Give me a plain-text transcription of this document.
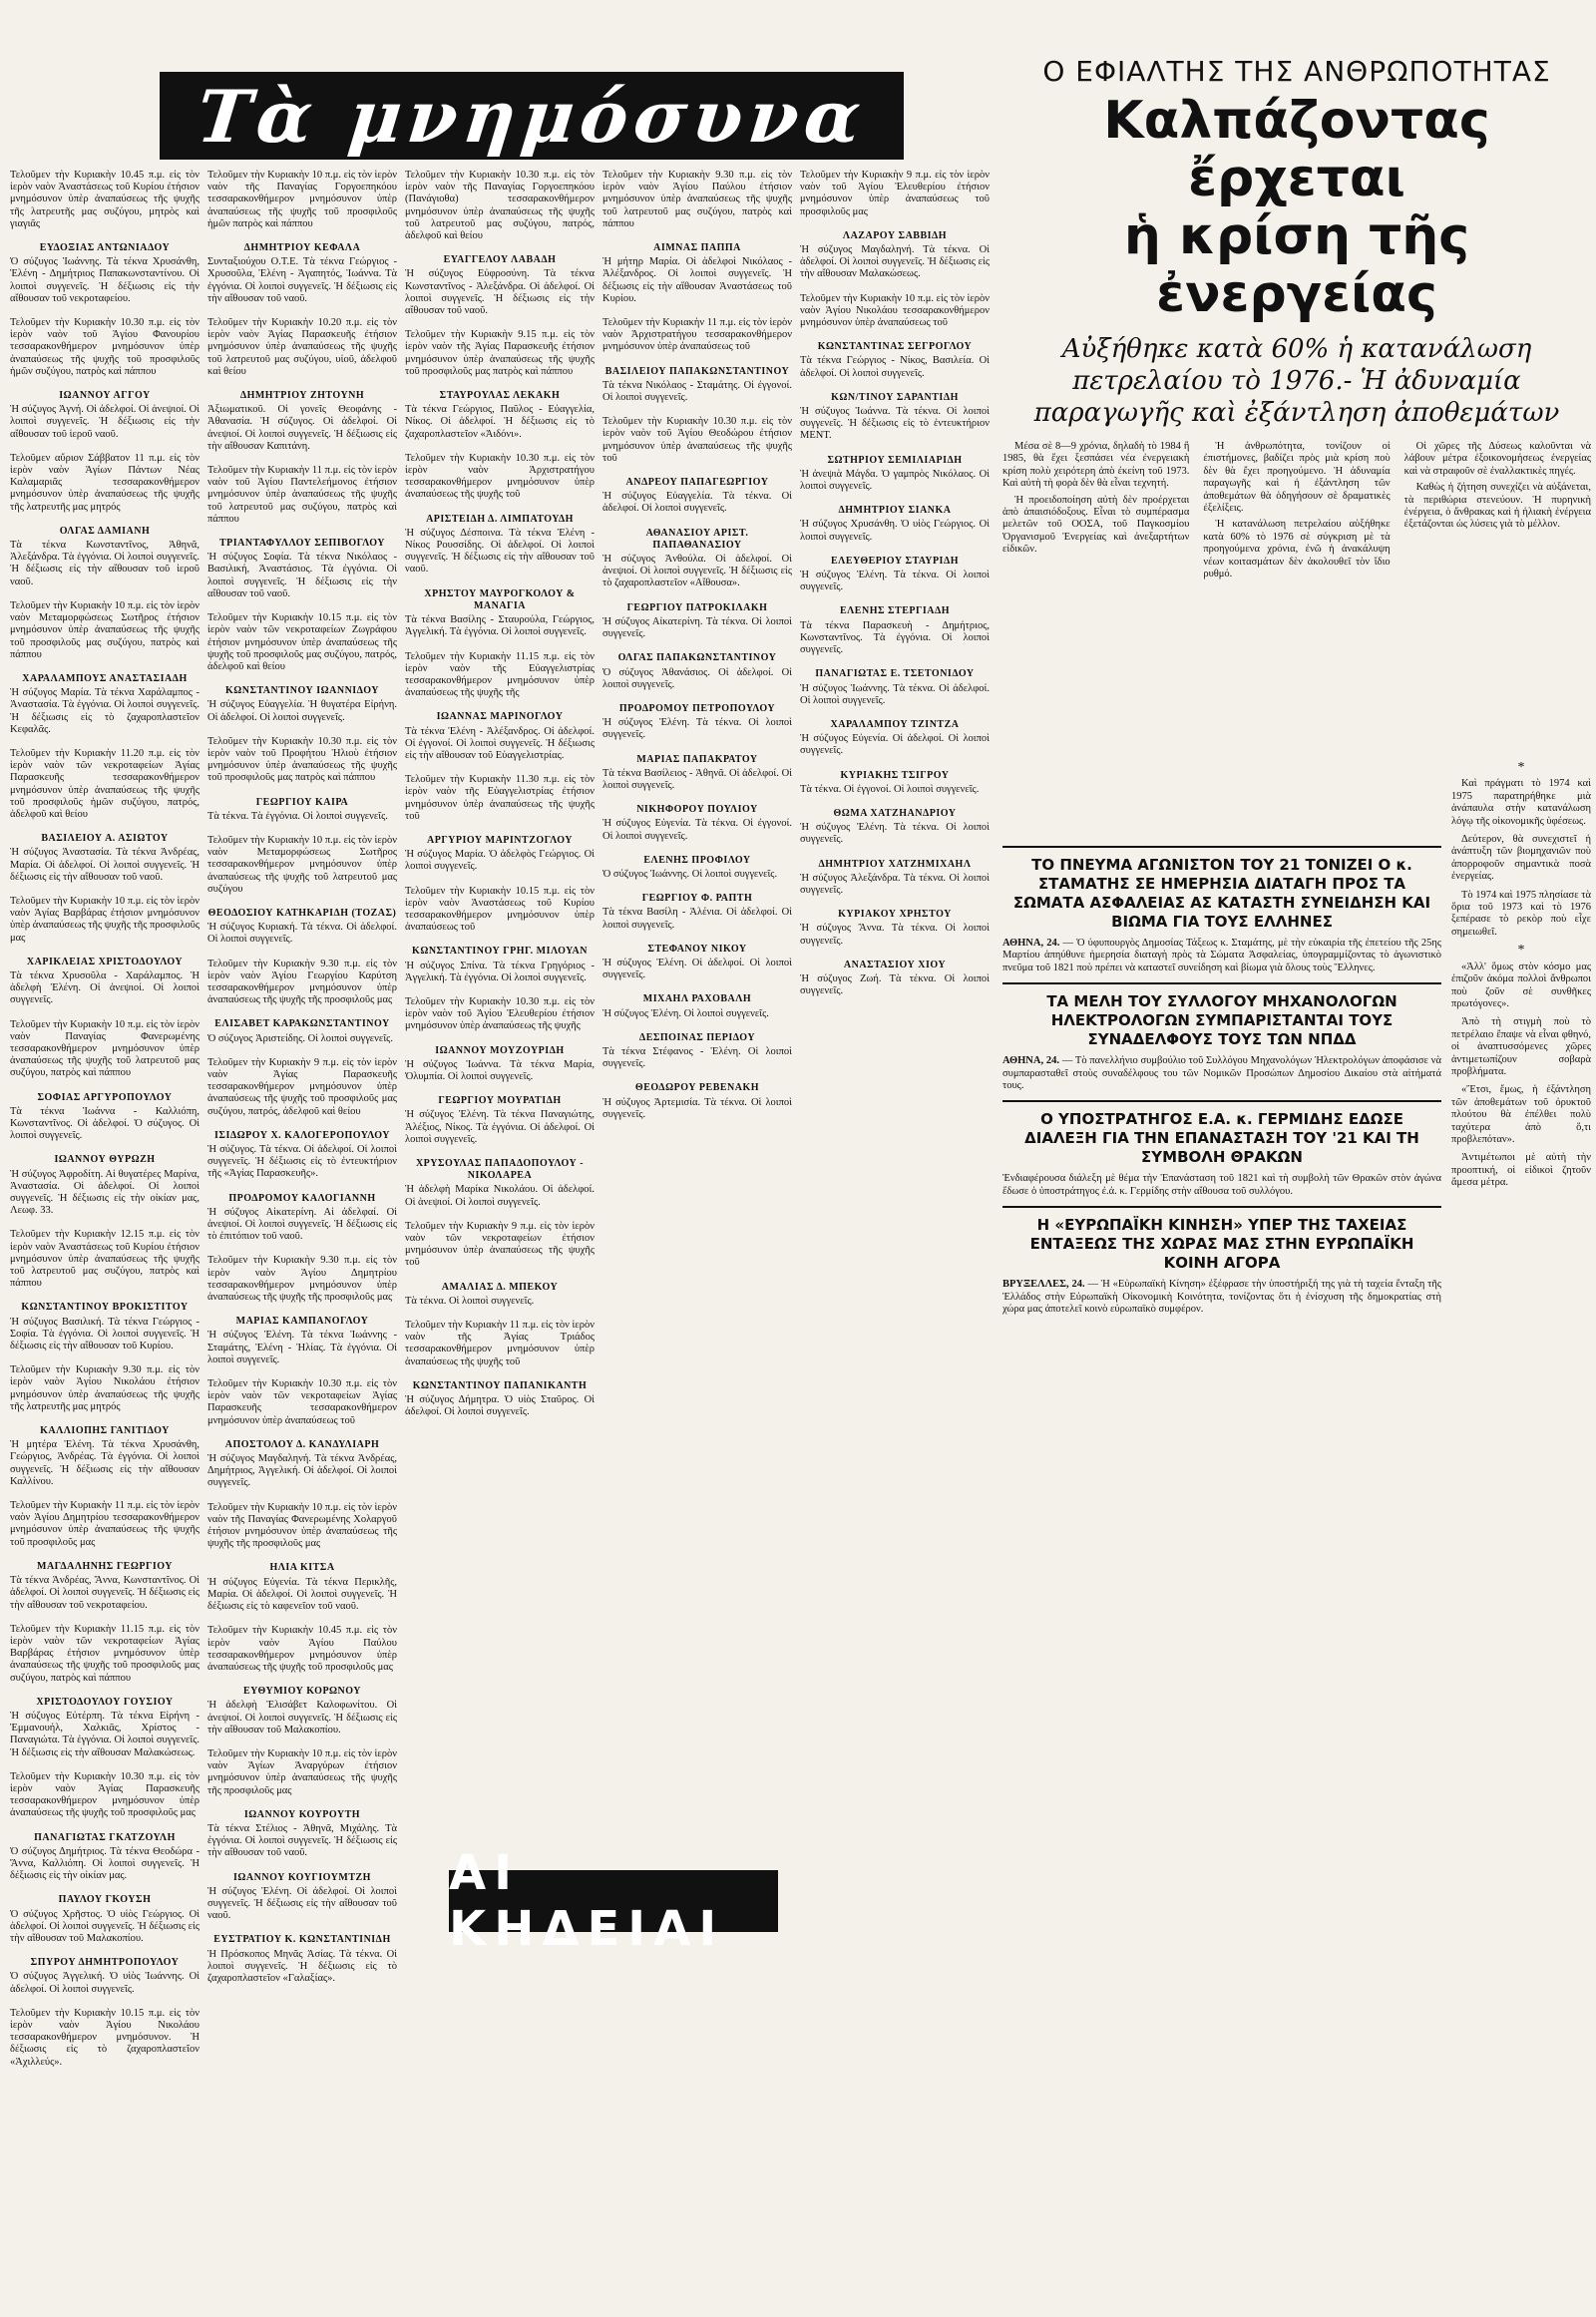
Τὰ μνημόσυνα
Τελοῦμεν τὴν Κυριακὴν 10.45 π.μ. εἰς τὸν ἱερὸν ναὸν Ἀναστάσεως τοῦ Κυρίου ἐτήσιον μνημόσυνον ὑπὲρ ἀναπαύσεως τῆς ψυχῆς τῆς λατρευτῆς μας συζύγου, μητρὸς καὶ γιαγιᾶς
ΕΥΔΟΞΙΑΣ ΑΝΤΩΝΙΑΔΟΥ
Ὁ σύζυγος Ἰωάννης. Τὰ τέκνα Χρυσάνθη, Ἑλένη - Δημήτριος Παπακωνσταντίνου. Οἱ λοιποὶ συγγενεῖς. Ἡ δέξιωσις εἰς τὴν αἴθουσαν τοῦ νεκροταφείου.
Τελοῦμεν τὴν Κυριακὴν 10.30 π.μ. εἰς τὸν ἱερὸν ναὸν τοῦ Ἁγίου Φανουρίου τεσσαρακονθήμερον μνημόσυνον ὑπὲρ ἀναπαύσεως τῆς ψυχῆς τοῦ προσφιλοῦς ἡμῶν συζύγου, πατρὸς καὶ πάππου
ΙΩΑΝΝΟΥ ΑΓΓΟΥ
Ἡ σύζυγος Ἀγνή. Οἱ ἀδελφοί. Οἱ ἀνεψιοί. Οἱ λοιποὶ συγγενεῖς. Ἡ δέξιωσις εἰς τὴν αἴθουσαν τοῦ ἱεροῦ ναοῦ.
Τελοῦμεν αὔριον Σάββατον 11 π.μ. εἰς τὸν ἱερὸν ναὸν Ἁγίων Πάντων Νέας Καλαμαριᾶς τεσσαρακονθήμερον μνημόσυνον ὑπὲρ ἀναπαύσεως τῆς ψυχῆς τῆς λατρευτῆς μας μητρός
ΟΛΓΑΣ ΔΑΜΙΑΝΗ
Τὰ τέκνα Κωνσταντῖνος, Ἀθηνᾶ, Ἀλεξάνδρα. Τὰ ἐγγόνια. Οἱ λοιποὶ συγγενεῖς. Ἡ δέξιωσις εἰς τὴν αἴθουσαν τοῦ ἱεροῦ ναοῦ.
Τελοῦμεν τὴν Κυριακὴν 10 π.μ. εἰς τὸν ἱερὸν ναὸν Μεταμορφώσεως Σωτῆρος ἐτήσιον μνημόσυνον ὑπὲρ ἀναπαύσεως τῆς ψυχῆς τοῦ προσφιλοῦς μας συζύγου, πατρὸς καὶ πάππου
ΧΑΡΑΛΑΜΠΟΥΣ ΑΝΑΣΤΑΣΙΑΔΗ
Ἡ σύζυγος Μαρία. Τὰ τέκνα Χαράλαμπος - Ἀναστασία. Τὰ ἐγγόνια. Οἱ λοιποὶ συγγενεῖς. Ἡ δέξιωσις εἰς τὸ ζαχαροπλαστεῖον Κεφαλᾶς.
Τελοῦμεν τὴν Κυριακὴν 11.20 π.μ. εἰς τὸν ἱερὸν ναὸν τῶν νεκροταφείων Ἁγίας Παρασκευῆς τεσσαρακονθήμερον μνημόσυνον ὑπὲρ ἀναπαύσεως τῆς ψυχῆς τοῦ προσφιλοῦς ἡμῶν συζύγου, πατρός, ἀδελφοῦ καὶ θείου
ΒΑΣΙΛΕΙΟΥ Α. ΑΣΙΩΤΟΥ
Ἡ σύζυγος Ἀναστασία. Τὰ τέκνα Ἀνδρέας, Μαρία. Οἱ ἀδελφοί. Οἱ λοιποὶ συγγενεῖς. Ἡ δέξιωσις εἰς τὴν αἴθουσαν τοῦ ναοῦ.
Τελοῦμεν τὴν Κυριακὴν 10 π.μ. εἰς τὸν ἱερὸν ναὸν Ἁγίας Βαρβάρας ἐτήσιον μνημόσυνον ὑπὲρ ἀναπαύσεως τῆς ψυχῆς τῆς προσφιλοῦς μας
ΧΑΡΙΚΛΕΙΑΣ ΧΡΙΣΤΟΔΟΥΛΟΥ
Τὰ τέκνα Χρυσοῦλα - Χαράλαμπος. Ἡ ἀδελφὴ Ἐλένη. Οἱ ἀνεψιοί. Οἱ λοιποὶ συγγενεῖς.
Τελοῦμεν τὴν Κυριακὴν 10 π.μ. εἰς τὸν ἱερὸν ναὸν Παναγίας Φανερωμένης τεσσαρακονθήμερον μνημόσυνον ὑπὲρ ἀναπαύσεως τῆς ψυχῆς τοῦ λατρευτοῦ μας συζύγου, πατρὸς καὶ πάππου
ΣΟΦΙΑΣ ΑΡΓΥΡΟΠΟΥΛΟΥ
Τὰ τέκνα Ἰωάννα - Καλλιόπη, Κωνσταντῖνος. Οἱ ἀδελφοί. Ὁ σύζυγος. Οἱ λοιποὶ συγγενεῖς.
ΙΩΑΝΝΟΥ ΘΥΡΩΖΗ
Ἡ σύζυγος Ἀφροδίτη. Αἱ θυγατέρες Μαρίνα, Ἀναστασία. Οἱ ἀδελφοί. Οἱ λοιποὶ συγγενεῖς. Ἡ δέξιωσις εἰς τὴν οἰκίαν μας, Λεωφ. 33.
Τελοῦμεν τὴν Κυριακὴν 12.15 π.μ. εἰς τὸν ἱερὸν ναὸν Ἀναστάσεως τοῦ Κυρίου ἐτήσιον μνημόσυνον ὑπὲρ ἀναπαύσεως τῆς ψυχῆς τοῦ λατρευτοῦ μας συζύγου, πατρὸς καὶ πάππου
ΚΩΝΣΤΑΝΤΙΝΟΥ ΒΡΟΚΙΣΤΙΤΟΥ
Ἡ σύζυγος Βασιλική. Τὰ τέκνα Γεώργιος - Σοφία. Τὰ ἐγγόνια. Οἱ λοιποὶ συγγενεῖς. Ἡ δέξιωσις εἰς τὴν αἴθουσαν τοῦ Κυρίου.
Τελοῦμεν τὴν Κυριακὴν 9.30 π.μ. εἰς τὸν ἱερὸν ναὸν Ἁγίου Νικολάου ἐτήσιον μνημόσυνον ὑπὲρ ἀναπαύσεως τῆς ψυχῆς τῆς λατρευτῆς μας μητρός
ΚΑΛΛΙΟΠΗΣ ΓΑΝΙΤΙΔΟΥ
Ἡ μητέρα Ἐλένη. Τὰ τέκνα Χρυσάνθη, Γεώργιος, Ἀνδρέας. Τὰ ἐγγόνια. Οἱ λοιποὶ συγγενεῖς. Ἡ δέξιωσις εἰς τὴν αἴθουσαν Καλλίνου.
Τελοῦμεν τὴν Κυριακὴν 11 π.μ. εἰς τὸν ἱερὸν ναὸν Ἁγίου Δημητρίου τεσσαρακονθήμερον μνημόσυνον ὑπὲρ ἀναπαύσεως τῆς ψυχῆς τοῦ προσφιλοῦς μας
ΜΑΓΔΑΛΗΝΗΣ ΓΕΩΡΓΙΟΥ
Τὰ τέκνα Ἀνδρέας, Ἄννα, Κωνσταντῖνος. Οἱ ἀδελφοί. Οἱ λοιποὶ συγγενεῖς. Ἡ δέξιωσις εἰς τὴν αἴθουσαν τοῦ νεκροταφείου.
Τελοῦμεν τὴν Κυριακὴν 11.15 π.μ. εἰς τὸν ἱερὸν ναὸν τῶν νεκροταφείων Ἀγίας Βαρβάρας ἐτήσιον μνημόσυνον ὑπὲρ ἀναπαύσεως τῆς ψυχῆς τοῦ προσφιλοῦς μας συζύγου, πατρὸς καὶ πάππου
ΧΡΙΣΤΟΔΟΥΛΟΥ ΓΟΥΣΙΟΥ
Ἡ σύζυγος Εὐτέρπη. Τὰ τέκνα Εἰρήνη - Ἐμμανουήλ, Χαλκιᾶς, Χρίστος - Παναγιώτα. Τὰ ἐγγόνια. Οἱ λοιποὶ συγγενεῖς. Ἡ δέξιωσις εἰς τὴν αἴθουσαν Μαλακώσεως.
Τελοῦμεν τὴν Κυριακὴν 10.30 π.μ. εἰς τὸν ἱερὸν ναὸν Ἁγίας Παρασκευῆς τεσσαρακονθήμερον μνημόσυνον ὑπὲρ ἀναπαύσεως τῆς ψυχῆς τοῦ προσφιλοῦς μας
ΠΑΝΑΓΙΩΤΑΣ ΓΚΑΤΖΟΥΛΗ
Ὁ σύζυγος Δημήτριος. Τὰ τέκνα Θεοδώρα - Ἄννα, Καλλιόπη. Οἱ λοιποὶ συγγενεῖς. Ἡ δέξιωσις εἰς τὴν οἰκίαν μας.
ΠΑΥΛΟΥ ΓΚΟΥΣΗ
Ὁ σύζυγος Χρῆστος. Ὁ υἱὸς Γεώργιος. Οἱ ἀδελφοί. Οἱ λοιποὶ συγγενεῖς. Ἡ δέξιωσις εἰς τὴν αἴθουσαν τοῦ Μαλακοπίου.
ΣΠΥΡΟΥ ΔΗΜΗΤΡΟΠΟΥΛΟΥ
Ὁ σύζυγος Ἀγγελική. Ὁ υἱὸς Ἰωάννης. Οἱ ἀδελφοί. Οἱ λοιποὶ συγγενεῖς.
Τελοῦμεν τὴν Κυριακὴν 10.15 π.μ. εἰς τὸν ἱερὸν ναὸν Ἁγίου Νικολάου τεσσαρακονθήμερον μνημόσυνον. Ἡ δέξιωσις εἰς τὸ ζαχαροπλαστεῖον «Ἀχιλλεύς».
Τελοῦμεν τὴν Κυριακὴν 10 π.μ. εἰς τὸν ἱερὸν ναὸν τῆς Παναγίας Γοργοεπηκόου τεσσαρακονθήμερον μνημόσυνον ὑπὲρ ἀναπαύσεως τῆς ψυχῆς τοῦ προσφιλοῦς ἡμῶν πατρὸς καὶ πάππου
ΔΗΜΗΤΡΙΟΥ ΚΕΦΑΛΑ
Συνταξιούχου Ο.Τ.Ε. Τὰ τέκνα Γεώργιος - Χρυσοῦλα, Ἑλένη - Ἀγαπητός, Ἰωάννα. Τὰ ἐγγόνια. Οἱ λοιποὶ συγγενεῖς. Ἡ δέξιωσις εἰς τὴν αἴθουσαν τοῦ ναοῦ.
Τελοῦμεν τὴν Κυριακὴν 10.20 π.μ. εἰς τὸν ἱερὸν ναὸν Ἁγίας Παρασκευῆς ἐτήσιον μνημόσυνον ὑπὲρ ἀναπαύσεως τῆς ψυχῆς τοῦ λατρευτοῦ μας συζύγου, υἱοῦ, ἀδελφοῦ καὶ θείου
ΔΗΜΗΤΡΙΟΥ ΖΗΤΟΥΝΗ
Ἀξιωματικοῦ. Οἱ γονεῖς Θεοφάνης - Ἀθανασία. Ἡ σύζυγος. Οἱ ἀδελφοί. Οἱ ἀνεψιοί. Οἱ λοιποὶ συγγενεῖς. Ἡ δέξιωσις εἰς τὴν αἴθουσαν Καπιτάνη.
Τελοῦμεν τὴν Κυριακὴν 11 π.μ. εἰς τὸν ἱερὸν ναὸν τοῦ Ἁγίου Παντελεήμονος ἐτήσιον μνημόσυνον ὑπὲρ ἀναπαύσεως τῆς ψυχῆς τοῦ λατρευτοῦ μας συζύγου, πατρὸς καὶ πάππου
ΤΡΙΑΝΤΑΦΥΛΛΟΥ ΣΕΠΙΒΟΓΛΟΥ
Ἡ σύζυγος Σοφία. Τὰ τέκνα Νικόλαος - Βασιλική, Ἀναστάσιος. Τὰ ἐγγόνια. Οἱ λοιποὶ συγγενεῖς. Ἡ δέξιωσις εἰς τὴν αἴθουσαν τοῦ ναοῦ.
Τελοῦμεν τὴν Κυριακὴν 10.15 π.μ. εἰς τὸν ἱερὸν ναὸν τῶν νεκροταφείων Ζωγράφου ἐτήσιον μνημόσυνον ὑπὲρ ἀναπαύσεως τῆς ψυχῆς τοῦ προσφιλοῦς μας συζύγου, πατρός, ἀδελφοῦ καὶ θείου
ΚΩΝΣΤΑΝΤΙΝΟΥ ΙΩΑΝΝΙΔΟΥ
Ἡ σύζυγος Εὐαγγελία. Ἡ θυγατέρα Εἰρήνη. Οἱ ἀδελφοί. Οἱ λοιποὶ συγγενεῖς.
Τελοῦμεν τὴν Κυριακὴν 10.30 π.μ. εἰς τὸν ἱερὸν ναὸν τοῦ Προφήτου Ἠλιοὺ ἐτήσιον μνημόσυνον ὑπὲρ ἀναπαύσεως τῆς ψυχῆς τοῦ προσφιλοῦς μας πατρὸς καὶ πάππου
ΓΕΩΡΓΙΟΥ ΚΑΙΡΑ
Τὰ τέκνα. Τὰ ἐγγόνια. Οἱ λοιποὶ συγγενεῖς.
Τελοῦμεν τὴν Κυριακὴν 10 π.μ. εἰς τὸν ἱερὸν ναὸν Μεταμορφώσεως Σωτῆρος τεσσαρακονθήμερον μνημόσυνον ὑπὲρ ἀναπαύσεως τῆς ψυχῆς τοῦ λατρευτοῦ μας συζύγου
ΘΕΟΔΟΣΙΟΥ ΚΑΤΗΚΑΡΙΔΗ (ΤΟΖΑΣ)
Ἡ σύζυγος Κυριακή. Τὰ τέκνα. Οἱ ἀδελφοί. Οἱ λοιποὶ συγγενεῖς.
Τελοῦμεν τὴν Κυριακὴν 9.30 π.μ. εἰς τὸν ἱερὸν ναὸν Ἁγίου Γεωργίου Καρύτση τεσσαρακονθήμερον μνημόσυνον ὑπὲρ ἀναπαύσεως τῆς ψυχῆς τῆς προσφιλοῦς μας
ΕΛΙΣΑΒΕΤ ΚΑΡΑΚΩΝΣΤΑΝΤΙΝΟΥ
Ὁ σύζυγος Ἀριστείδης. Οἱ λοιποὶ συγγενεῖς.
Τελοῦμεν τὴν Κυριακὴν 9 π.μ. εἰς τὸν ἱερὸν ναὸν Ἁγίας Παρασκευῆς τεσσαρακονθήμερον μνημόσυνον ὑπὲρ ἀναπαύσεως τῆς ψυχῆς τοῦ προσφιλοῦς μας συζύγου, πατρός, ἀδελφοῦ καὶ θείου
ΙΣΙΔΩΡΟΥ Χ. ΚΑΛΟΓΕΡΟΠΟΥΛΟΥ
Ἡ σύζυγος. Τὰ τέκνα. Οἱ ἀδελφοί. Οἱ λοιποὶ συγγενεῖς. Ἡ δέξιωσις εἰς τὸ ἐντευκτήριον τῆς «Ἀγίας Παρασκευῆς».
ΠΡΟΔΡΟΜΟΥ ΚΑΛΟΓΙΑΝΝΗ
Ἡ σύζυγος Αἰκατερίνη. Αἱ ἀδελφαί. Οἱ ἀνεψιοί. Οἱ λοιποὶ συγγενεῖς. Ἡ δέξιωσις εἰς τὸ ἐπιτόπιον τοῦ ναοῦ.
Τελοῦμεν τὴν Κυριακὴν 9.30 π.μ. εἰς τὸν ἱερὸν ναὸν Ἁγίου Δημητρίου τεσσαρακονθήμερον μνημόσυνον ὑπὲρ ἀναπαύσεως τῆς ψυχῆς τῆς προσφιλοῦς μας
ΜΑΡΙΑΣ ΚΑΜΠΑΝΟΓΛΟΥ
Ἡ σύζυγος Ἐλένη. Τὰ τέκνα Ἰωάννης - Σταμάτης, Ἑλένη - Ἠλίας. Τὰ ἐγγόνια. Οἱ λοιποὶ συγγενεῖς.
Τελοῦμεν τὴν Κυριακὴν 10.30 π.μ. εἰς τὸν ἱερὸν ναὸν τῶν νεκροταφείων Ἁγίας Παρασκευῆς τεσσαρακονθήμερον μνημόσυνον ὑπὲρ ἀναπαύσεως τοῦ
ΑΠΟΣΤΟΛΟΥ Δ. ΚΑΝΔΥΛΙΑΡΗ
Ἡ σύζυγος Μαγδαληνή. Τὰ τέκνα Ἀνδρέας, Δημήτριος, Ἀγγελική. Οἱ ἀδελφοί. Οἱ λοιποὶ συγγενεῖς.
Τελοῦμεν τὴν Κυριακὴν 10 π.μ. εἰς τὸν ἱερὸν ναὸν τῆς Παναγίας Φανερωμένης Χολαργοῦ ἐτήσιον μνημόσυνον ὑπὲρ ἀναπαύσεως τῆς ψυχῆς τῆς προσφιλοῦς μας
ΗΛΙΑ ΚΙΤΣΑ
Ἡ σύζυγος Εὐγενία. Τὰ τέκνα Περικλῆς, Μαρία. Οἱ ἀδελφοί. Οἱ λοιποὶ συγγενεῖς. Ἡ δέξιωσις εἰς τὸ καφενεῖον τοῦ ναοῦ.
Τελοῦμεν τὴν Κυριακὴν 10.45 π.μ. εἰς τὸν ἱερὸν ναὸν Ἁγίου Παύλου τεσσαρακονθήμερον μνημόσυνον ὑπὲρ ἀναπαύσεως τῆς ψυχῆς τοῦ προσφιλοῦς μας
ΕΥΘΥΜΙΟΥ ΚΟΡΩΝΟΥ
Ἡ ἀδελφὴ Ἐλισάβετ Καλοφωνίτου. Οἱ ἀνεψιοί. Οἱ λοιποὶ συγγενεῖς. Ἡ δέξιωσις εἰς τὴν αἴθουσαν τοῦ Μαλακοπίου.
Τελοῦμεν τὴν Κυριακὴν 10 π.μ. εἰς τὸν ἱερὸν ναὸν Ἁγίων Ἀναργύρων ἐτήσιον μνημόσυνον ὑπὲρ ἀναπαύσεως τῆς ψυχῆς τῆς προσφιλοῦς μας
ΙΩΑΝΝΟΥ ΚΟΥΡΟΥΤΗ
Τὰ τέκνα Στέλιος - Ἀθηνᾶ, Μιχάλης. Τὰ ἐγγόνια. Οἱ λοιποὶ συγγενεῖς. Ἡ δέξιωσις εἰς τὴν αἴθουσαν τοῦ ναοῦ.
ΙΩΑΝΝΟΥ ΚΟΥΓΙΟΥΜΤΖΗ
Ἡ σύζυγος Ἑλένη. Οἱ ἀδελφοί. Οἱ λοιποὶ συγγενεῖς. Ἡ δέξιωσις εἰς τὴν αἴθουσαν τοῦ ναοῦ.
ΕΥΣΤΡΑΤΙΟΥ Κ. ΚΩΝΣΤΑΝΤΙΝΙΔΗ
Ἡ Πρόσκοπος Μηνᾶς Ἀσίας. Τὰ τέκνα. Οἱ λοιποὶ συγγενεῖς. Ἡ δέξιωσις εἰς τὸ ζαχαροπλαστεῖον «Γαλαξίας».
Τελοῦμεν τὴν Κυριακὴν 10.30 π.μ. εἰς τὸν ἱερὸν ναὸν τῆς Παναγίας Γοργοεπηκόου (Πανάγιοθα) τεσσαρακονθήμερον μνημόσυνον ὑπὲρ ἀναπαύσεως τῆς ψυχῆς τοῦ λατρευτοῦ μας συζύγου, πατρός, ἀδελφοῦ καὶ θείου
ΕΥΑΓΓΕΛΟΥ ΛΑΒΑΔΗ
Ἡ σύζυγος Εὐφροσύνη. Τὰ τέκνα Κωνσταντῖνος - Ἀλεξάνδρα. Οἱ ἀδελφοί. Οἱ λοιποὶ συγγενεῖς. Ἡ δέξιωσις εἰς τὴν αἴθουσαν τοῦ ναοῦ.
Τελοῦμεν τὴν Κυριακὴν 9.15 π.μ. εἰς τὸν ἱερὸν ναὸν τῆς Ἁγίας Παρασκευῆς ἐτήσιον μνημόσυνον ὑπὲρ ἀναπαύσεως τῆς ψυχῆς τοῦ προσφιλοῦς μας πατρὸς καὶ πάππου
ΣΤΑΥΡΟΥΛΑΣ ΛΕΚΑΚΗ
Τὰ τέκνα Γεώργιος, Παῦλος - Εὐαγγελία, Νίκος. Οἱ ἀδελφοί. Ἡ δέξιωσις εἰς τὸ ζαχαροπλαστεῖον «Ἀιδόνι».
Τελοῦμεν τὴν Κυριακὴν 10.30 π.μ. εἰς τὸν ἱερὸν ναὸν Ἀρχιστρατήγου τεσσαρακονθήμερον μνημόσυνον ὑπὲρ ἀναπαύσεως τῆς ψυχῆς τοῦ
ΑΡΙΣΤΕΙΔΗ Δ. ΛΙΜΠΑΤΟΥΔΗ
Ἡ σύζυγος Δέσποινα. Τὰ τέκνα Ἐλένη - Νίκος Ρουσσίδης. Οἱ ἀδελφοί. Οἱ λοιποὶ συγγενεῖς. Ἡ δέξιωσις εἰς τὴν αἴθουσαν τοῦ ναοῦ.
ΧΡΗΣΤΟΥ ΜΑΥΡΟΓΚΟΛΟΥ & ΜΑΝΑΓΙΑ
Τὰ τέκνα Βασίλης - Σταυρούλα, Γεώργιος, Ἀγγελική. Τὰ ἐγγόνια. Οἱ λοιποὶ συγγενεῖς.
Τελοῦμεν τὴν Κυριακὴν 11.15 π.μ. εἰς τὸν ἱερὸν ναὸν τῆς Εὐαγγελιστρίας τεσσαρακονθήμερον μνημόσυνον ὑπὲρ ἀναπαύσεως τῆς ψυχῆς τῆς
ΙΩΑΝΝΑΣ ΜΑΡΙΝΟΓΛΟΥ
Τὰ τέκνα Ἑλένη - Ἀλέξανδρος. Οἱ ἀδελφοί. Οἱ ἐγγονοί. Οἱ λοιποὶ συγγενεῖς. Ἡ δέξιωσις εἰς τὴν αἴθουσαν τοῦ Εὐαγγελιστρίας.
Τελοῦμεν τὴν Κυριακὴν 11.30 π.μ. εἰς τὸν ἱερὸν ναὸν τῆς Εὐαγγελιστρίας ἐτήσιον μνημόσυνον ὑπὲρ ἀναπαύσεως τῆς ψυχῆς τοῦ
ΑΡΓΥΡΙΟΥ ΜΑΡΙΝΤΖΟΓΛΟΥ
Ἡ σύζυγος Μαρία. Ὁ ἀδελφὸς Γεώργιος. Οἱ λοιποὶ συγγενεῖς.
Τελοῦμεν τὴν Κυριακὴν 10.15 π.μ. εἰς τὸν ἱερὸν ναὸν Ἀναστάσεως τοῦ Κυρίου τεσσαρακονθήμερον μνημόσυνον ὑπὲρ ἀναπαύσεως τοῦ
ΚΩΝΣΤΑΝΤΙΝΟΥ ΓΡΗΓ. ΜΙΛΟΥΑΝ
Ἡ σύζυγος Σπίνα. Τὰ τέκνα Γρηγόριος - Ἀγγελική. Τὰ ἐγγόνια. Οἱ λοιποὶ συγγενεῖς.
Τελοῦμεν τὴν Κυριακὴν 10.30 π.μ. εἰς τὸν ἱερὸν ναὸν τοῦ Ἁγίου Ἐλευθερίου ἐτήσιον μνημόσυνον ὑπὲρ ἀναπαύσεως τῆς ψυχῆς
ΙΩΑΝΝΟΥ ΜΟΥΖΟΥΡΙΔΗ
Ἡ σύζυγος Ἰωάννα. Τὰ τέκνα Μαρία, Ὀλυμπία. Οἱ λοιποὶ συγγενεῖς.
ΓΕΩΡΓΙΟΥ ΜΟΥΡΑΤΙΔΗ
Ἡ σύζυγος Ἐλένη. Τὰ τέκνα Παναγιώτης, Ἀλέξιος, Νίκος. Τὰ ἐγγόνια. Οἱ ἀδελφοί. Οἱ λοιποὶ συγγενεῖς.
ΧΡΥΣΟΥΛΑΣ ΠΑΠΑΔΟΠΟΥΛΟΥ - ΝΙΚΟΛΑΡΕΑ
Ἡ ἀδελφὴ Μαρίκα Νικολάου. Οἱ ἀδελφοί. Οἱ ἀνεψιοί. Οἱ λοιποὶ συγγενεῖς.
Τελοῦμεν τὴν Κυριακὴν 9 π.μ. εἰς τὸν ἱερὸν ναὸν τῶν νεκροταφείων ἐτήσιον μνημόσυνον ὑπὲρ ἀναπαύσεως τῆς ψυχῆς τοῦ
ΑΜΑΛΙΑΣ Δ. ΜΠΕΚΟΥ
Τὰ τέκνα. Οἱ λοιποὶ συγγενεῖς.
Τελοῦμεν τὴν Κυριακὴν 11 π.μ. εἰς τὸν ἱερὸν ναὸν τῆς Ἀγίας Τριάδος τεσσαρακονθήμερον μνημόσυνον ὑπὲρ ἀναπαύσεως τῆς ψυχῆς τοῦ
ΚΩΝΣΤΑΝΤΙΝΟΥ ΠΑΠΑΝΙΚΑΝΤΗ
Ἡ σύζυγος Δήμητρα. Ὁ υἱὸς Σταῦρος. Οἱ ἀδελφοί. Οἱ λοιποὶ συγγενεῖς.
Τελοῦμεν τὴν Κυριακὴν 9.30 π.μ. εἰς τὸν ἱερὸν ναὸν Ἁγίου Παύλου ἐτήσιον μνημόσυνον ὑπὲρ ἀναπαύσεως τῆς ψυχῆς τοῦ λατρευτοῦ μας συζύγου, πατρὸς καὶ πάππου
ΑΙΜΝΑΣ ΠΑΠΠΑ
Ἡ μήτηρ Μαρία. Οἱ ἀδελφοὶ Νικόλαος - Ἀλέξανδρος. Οἱ λοιποὶ συγγενεῖς. Ἡ δέξιωσις εἰς τὴν αἴθουσαν Ἀναστάσεως τοῦ Κυρίου.
Τελοῦμεν τὴν Κυριακὴν 11 π.μ. εἰς τὸν ἱερὸν ναὸν Ἀρχιστρατήγου τεσσαρακονθήμερον μνημόσυνον ὑπὲρ ἀναπαύσεως τοῦ
ΒΑΣΙΛΕΙΟΥ ΠΑΠΑΚΩΝΣΤΑΝΤΙΝΟΥ
Τὰ τέκνα Νικόλαος - Σταμάτης. Οἱ ἐγγονοί. Οἱ λοιποὶ συγγενεῖς.
Τελοῦμεν τὴν Κυριακὴν 10.30 π.μ. εἰς τὸν ἱερὸν ναὸν τοῦ Ἁγίου Θεοδώρου ἐτήσιον μνημόσυνον ὑπὲρ ἀναπαύσεως τῆς ψυχῆς τοῦ
ΑΝΔΡΕΟΥ ΠΑΠΑΓΕΩΡΓΙΟΥ
Ἡ σύζυγος Εὐαγγελία. Τὰ τέκνα. Οἱ ἀδελφοί. Οἱ λοιποὶ συγγενεῖς.
ΑΘΑΝΑΣΙΟΥ ΑΡΙΣΤ. ΠΑΠΑΘΑΝΑΣΙΟΥ
Ἡ σύζυγος Ἀνθούλα. Οἱ ἀδελφοί. Οἱ ἀνεψιοί. Οἱ λοιποὶ συγγενεῖς. Ἡ δέξιωσις εἰς τὸ ζαχαροπλαστεῖον «Αἴθουσα».
ΓΕΩΡΓΙΟΥ ΠΑΤΡΟΚΙΛΑΚΗ
Ἡ σύζυγος Αἰκατερίνη. Τὰ τέκνα. Οἱ λοιποὶ συγγενεῖς.
ΟΛΓΑΣ ΠΑΠΑΚΩΝΣΤΑΝΤΙΝΟΥ
Ὁ σύζυγος Ἀθανάσιος. Οἱ ἀδελφοί. Οἱ λοιποὶ συγγενεῖς.
ΠΡΟΔΡΟΜΟΥ ΠΕΤΡΟΠΟΥΛΟΥ
Ἡ σύζυγος Ἐλένη. Τὰ τέκνα. Οἱ λοιποὶ συγγενεῖς.
ΜΑΡΙΑΣ ΠΑΠΑΚΡΑΤΟΥ
Τὰ τέκνα Βασίλειος - Ἀθηνᾶ. Οἱ ἀδελφοί. Οἱ λοιποὶ συγγενεῖς.
ΝΙΚΗΦΟΡΟΥ ΠΟΥΛΙΟΥ
Ἡ σύζυγος Εὐγενία. Τὰ τέκνα. Οἱ ἐγγονοί. Οἱ λοιποὶ συγγενεῖς.
ΕΛΕΝΗΣ ΠΡΟΦΙΛΟΥ
Ὁ σύζυγος Ἰωάννης. Οἱ λοιποὶ συγγενεῖς.
ΓΕΩΡΓΙΟΥ Φ. ΡΑΠΤΗ
Τὰ τέκνα Βασίλη - Ἀλένια. Οἱ ἀδελφοί. Οἱ λοιποὶ συγγενεῖς.
ΣΤΕΦΑΝΟΥ ΝΙΚΟΥ
Ἡ σύζυγος Ἐλένη. Οἱ ἀδελφοί. Οἱ λοιποὶ συγγενεῖς.
ΜΙΧΑΗΛ ΡΑΧΟΒΑΛΗ
Ἡ σύζυγος Ἐλένη. Οἱ λοιποὶ συγγενεῖς.
ΔΕΣΠΟΙΝΑΣ ΠΕΡΙΔΟΥ
Τὰ τέκνα Στέφανος - Ἑλένη. Οἱ λοιποὶ συγγενεῖς.
ΘΕΟΔΩΡΟΥ ΡΕΒΕΝΑΚΗ
Ἡ σύζυγος Ἀρτεμισία. Τὰ τέκνα. Οἱ λοιποὶ συγγενεῖς.
Τελοῦμεν τὴν Κυριακὴν 9 π.μ. εἰς τὸν ἱερὸν ναὸν τοῦ Ἁγίου Ἐλευθερίου ἐτήσιον μνημόσυνον ὑπὲρ ἀναπαύσεως τοῦ προσφιλοῦς μας
ΛΑΖΑΡΟΥ ΣΑΒΒΙΔΗ
Ἡ σύζυγος Μαγδαληνή. Τὰ τέκνα. Οἱ ἀδελφοί. Οἱ λοιποὶ συγγενεῖς. Ἡ δέξιωσις εἰς τὴν αἴθουσαν Μαλακώσεως.
Τελοῦμεν τὴν Κυριακὴν 10 π.μ. εἰς τὸν ἱερὸν ναὸν Ἁγίου Νικολάου τεσσαρακονθήμερον μνημόσυνον ὑπὲρ ἀναπαύσεως τοῦ
ΚΩΝΣΤΑΝΤΙΝΑΣ ΣΕΓΡΟΓΛΟΥ
Τὰ τέκνα Γεώργιος - Νίκος, Βασιλεία. Οἱ ἀδελφοί. Οἱ λοιποὶ συγγενεῖς.
ΚΩΝ/ΤΙΝΟΥ ΣΑΡΑΝΤΙΔΗ
Ἡ σύζυγος Ἰωάννα. Τὰ τέκνα. Οἱ λοιποὶ συγγενεῖς. Ἡ δέξιωσις εἰς τὸ ἐντευκτήριον ΜΕΝΤ.
ΣΩΤΗΡΙΟΥ ΣΕΜΙΛΙΑΡΙΔΗ
Ἡ ἀνεψιὰ Μάγδα. Ὁ γαμπρὸς Νικόλαος. Οἱ λοιποὶ συγγενεῖς.
ΔΗΜΗΤΡΙΟΥ ΣΙΑΝΚΑ
Ἡ σύζυγος Χρυσάνθη. Ὁ υἱὸς Γεώργιος. Οἱ λοιποὶ συγγενεῖς.
ΕΛΕΥΘΕΡΙΟΥ ΣΤΑΥΡΙΔΗ
Ἡ σύζυγος Ἑλένη. Τὰ τέκνα. Οἱ λοιποὶ συγγενεῖς.
ΕΛΕΝΗΣ ΣΤΕΡΓΙΑΔΗ
Τὰ τέκνα Παρασκευὴ - Δημήτριος, Κωνσταντῖνος. Τὰ ἐγγόνια. Οἱ λοιποὶ συγγενεῖς.
ΠΑΝΑΓΙΩΤΑΣ Ε. ΤΣΕΤΟΝΙΔΟΥ
Ἡ σύζυγος Ἰωάννης. Τὰ τέκνα. Οἱ ἀδελφοί. Οἱ λοιποὶ συγγενεῖς.
ΧΑΡΑΛΑΜΠΟΥ ΤΖΙΝΤΖΑ
Ἡ σύζυγος Εὐγενία. Οἱ ἀδελφοί. Οἱ λοιποὶ συγγενεῖς.
ΚΥΡΙΑΚΗΣ ΤΣΙΓΡΟΥ
Τὰ τέκνα. Οἱ ἐγγονοί. Οἱ λοιποὶ συγγενεῖς.
ΘΩΜΑ ΧΑΤΖΗΑΝΔΡΙΟΥ
Ἡ σύζυγος Ἑλένη. Τὰ τέκνα. Οἱ λοιποὶ συγγενεῖς.
ΔΗΜΗΤΡΙΟΥ ΧΑΤΖΗΜΙΧΑΗΛ
Ἡ σύζυγος Ἀλεξάνδρα. Τὰ τέκνα. Οἱ λοιποὶ συγγενεῖς.
ΚΥΡΙΑΚΟΥ ΧΡΗΣΤΟΥ
Ἡ σύζυγος Ἄννα. Τὰ τέκνα. Οἱ λοιποὶ συγγενεῖς.
ΑΝΑΣΤΑΣΙΟΥ ΧΙΟΥ
Ἡ σύζυγος Ζωή. Τὰ τέκνα. Οἱ λοιποὶ συγγενεῖς.
ΑΙ ΚΗΔΕΙΑΙ

Ο ΕΦΙΑΛΤΗΣ ΤΗΣ ΑΝΘΡΩΠΟΤΗΤΑΣ

Καλπάζοντας ἔρχεται
ἡ κρίση τῆς ἐνεργείας

Αὐξήθηκε κατὰ 60% ἡ κατανάλωση πετρελαίου τὸ 1976.- Ἡ ἀδυναμία παραγωγῆς καὶ ἐξάντληση ἀποθεμάτων

Μέσα σὲ 8—9 χρόνια, δηλαδὴ τὸ 1984 ἢ 1985, θὰ ἔχει ξεσπάσει νέα ἐνεργειακὴ κρίση πολὺ χειρότερη ἀπὸ ἐκείνη τοῦ 1973. Καὶ αὐτὴ τὴ φορὰ δὲν θὰ εἶναι τεχνητή.

Ἡ προειδοποίηση αὐτὴ δὲν προέρχεται ἀπὸ ἀπαισιόδοξους. Εἶναι τὸ συμπέρασμα μελετῶν τοῦ ΟΟΣΑ, τοῦ Παγκοσμίου Ὀργανισμοῦ Ἐνεργείας καὶ ἀνεξαρτήτων εἰδικῶν.

Ἡ ἀνθρωπότητα, τονίζουν οἱ ἐπιστήμονες, βαδίζει πρὸς μιὰ κρίση ποὺ δὲν θὰ ἔχει προηγούμενο. Ἡ ἀδυναμία παραγωγῆς καὶ ἡ ἐξάντληση τῶν ἀποθεμάτων θὰ ὁδηγήσουν σὲ δραματικὲς ἐξελίξεις.

Ἡ κατανάλωση πετρελαίου αὐξήθηκε κατὰ 60% τὸ 1976 σὲ σύγκριση μὲ τὰ προηγούμενα χρόνια, ἐνῶ ἡ ἀνακάλυψη νέων κοιτασμάτων δὲν ἀκολουθεῖ τὸν ἴδιο ρυθμό.

Οἱ χῶρες τῆς Δύσεως καλοῦνται νὰ λάβουν μέτρα ἐξοικονομήσεως ἐνεργείας καὶ νὰ στραφοῦν σὲ ἐναλλακτικὲς πηγές.

Καθὼς ἡ ζήτηση συνεχίζει νὰ αὐξάνεται, τὰ περιθώρια στενεύουν. Ἡ πυρηνικὴ ἐνέργεια, ὁ ἄνθρακας καὶ ἡ ἡλιακὴ ἐνέργεια ἐξετάζονται ὡς λύσεις γιὰ τὸ μέλλον.

ΤΟ ΠΝΕΥΜΑ ΑΓΩΝΙΣΤΟΝ ΤΟΥ 21 ΤΟΝΙΖΕΙ Ο κ. ΣΤΑΜΑΤΗΣ ΣΕ ΗΜΕΡΗΣΙΑ ΔΙΑΤΑΓΗ ΠΡΟΣ ΤΑ ΣΩΜΑΤΑ ΑΣΦΑΛΕΙΑΣ ΑΣ ΚΑΤΑΣΤΗ ΣΥΝΕΙΔΗΣΗ ΚΑΙ ΒΙΩΜΑ ΓΙΑ ΤΟΥΣ ΕΛΛΗΝΕΣ
ΑΘΗΝΑ, 24. — Ὁ ὑφυπουργὸς Δημοσίας Τάξεως κ. Σταμάτης, μὲ τὴν εὐκαιρία τῆς ἐπετείου τῆς 25ης Μαρτίου ἀπηύθυνε ἡμερησία διαταγὴ πρὸς τὰ Σώματα Ἀσφαλείας, ὑπογραμμίζοντας τὸ ἀγωνιστικὸ πνεῦμα τοῦ 1821 ποὺ πρέπει νὰ καταστεῖ συνείδηση καὶ βίωμα γιὰ ὅλους τοὺς Ἕλληνες.
ΤΑ ΜΕΛΗ ΤΟΥ ΣΥΛΛΟΓΟΥ ΜΗΧΑΝΟΛΟΓΩΝ ΗΛΕΚΤΡΟΛΟΓΩΝ ΣΥΜΠΑΡΙΣΤΑΝΤΑΙ ΤΟΥΣ ΣΥΝΑΔΕΛΦΟΥΣ ΤΟΥΣ ΤΩΝ ΝΠΔΔ
ΑΘΗΝΑ, 24. — Τὸ πανελλήνιο συμβούλιο τοῦ Συλλόγου Μηχανολόγων Ἠλεκτρολόγων ἀποφάσισε νὰ συμπαρασταθεῖ στοὺς συναδέλφους του τῶν Νομικῶν Προσώπων Δημοσίου Δικαίου στὰ αἰτήματά τους.
Ο ΥΠΟΣΤΡΑΤΗΓΟΣ Ε.Α. κ. ΓΕΡΜΙΔΗΣ ΕΔΩΣΕ ΔΙΑΛΕΞΗ ΓΙΑ ΤΗΝ ΕΠΑΝΑΣΤΑΣΗ ΤΟΥ '21 ΚΑΙ ΤΗ ΣΥΜΒΟΛΗ ΘΡΑΚΩΝ
Ἐνδιαφέρουσα διάλεξη μὲ θέμα τὴν Ἐπανάσταση τοῦ 1821 καὶ τὴ συμβολὴ τῶν Θρακῶν στὸν ἀγώνα ἔδωσε ὁ ὑποστράτηγος ἐ.ἀ. κ. Γερμίδης στὴν αἴθουσα τοῦ συλλόγου.
Η «ΕΥΡΩΠΑΪΚΗ ΚΙΝΗΣΗ» ΥΠΕΡ ΤΗΣ ΤΑΧΕΙΑΣ ΕΝΤΑΞΕΩΣ ΤΗΣ ΧΩΡΑΣ ΜΑΣ ΣΤΗΝ ΕΥΡΩΠΑΪΚΗ ΚΟΙΝΗ ΑΓΟΡΑ
ΒΡΥΞΕΛΛΕΣ, 24. — Ἡ «Εὐρωπαϊκὴ Κίνηση» ἐξέφρασε τὴν ὑποστήριξή της γιὰ τὴ ταχεία ἔνταξη τῆς Ἑλλάδος στὴν Εὐρωπαϊκὴ Οἰκονομικὴ Κοινότητα, τονίζοντας ὅτι ἡ ἐνίσχυση τῆς δημοκρατίας στὴ χώρα μας ἀποτελεῖ κοινὸ εὐρωπαϊκὸ συμφέρον.
*

Καὶ πράγματι τὸ 1974 καὶ 1975 παρατηρήθηκε μιὰ ἀνάπαυλα στὴν κατανάλωση λόγῳ τῆς οἰκονομικῆς ὑφέσεως.

Δεύτερον, θὰ συνεχιστεῖ ἡ ἀνάπτυξη τῶν βιομηχανιῶν ποὺ ἀπορροφοῦν σημαντικὰ ποσὰ ἐνεργείας.

Τὸ 1974 καὶ 1975 πλησίασε τὰ ὅρια τοῦ 1973 καὶ τὸ 1976 ξεπέρασε τὸ ρεκὸρ ποὺ εἶχε σημειωθεῖ.

*

«Ἀλλ' ὅμως στὸν κόσμο μας ἐπιζοῦν ἀκόμα πολλοὶ ἄνθρωποι ποὺ ζοῦν σὲ συνθῆκες πρωτόγονες».

Ἀπὸ τὴ στιγμὴ ποὺ τὸ πετρέλαιο ἔπαψε νὰ εἶναι φθηνό, οἱ ἀναπτυσσόμενες χῶρες ἀντιμετωπίζουν σοβαρὰ προβλήματα.

«Ἔτσι, ἔμως, ἡ ἐξάντληση τῶν ἀποθεμάτων τοῦ ὀρυκτοῦ πλούτου θὰ ἐπέλθει πολὺ ταχύτερα ἀπὸ ὅ,τι προβλεπόταν».

Ἀντιμέτωποι μὲ αὐτὴ τὴν προοπτική, οἱ εἰδικοὶ ζητοῦν ἄμεσα μέτρα.
